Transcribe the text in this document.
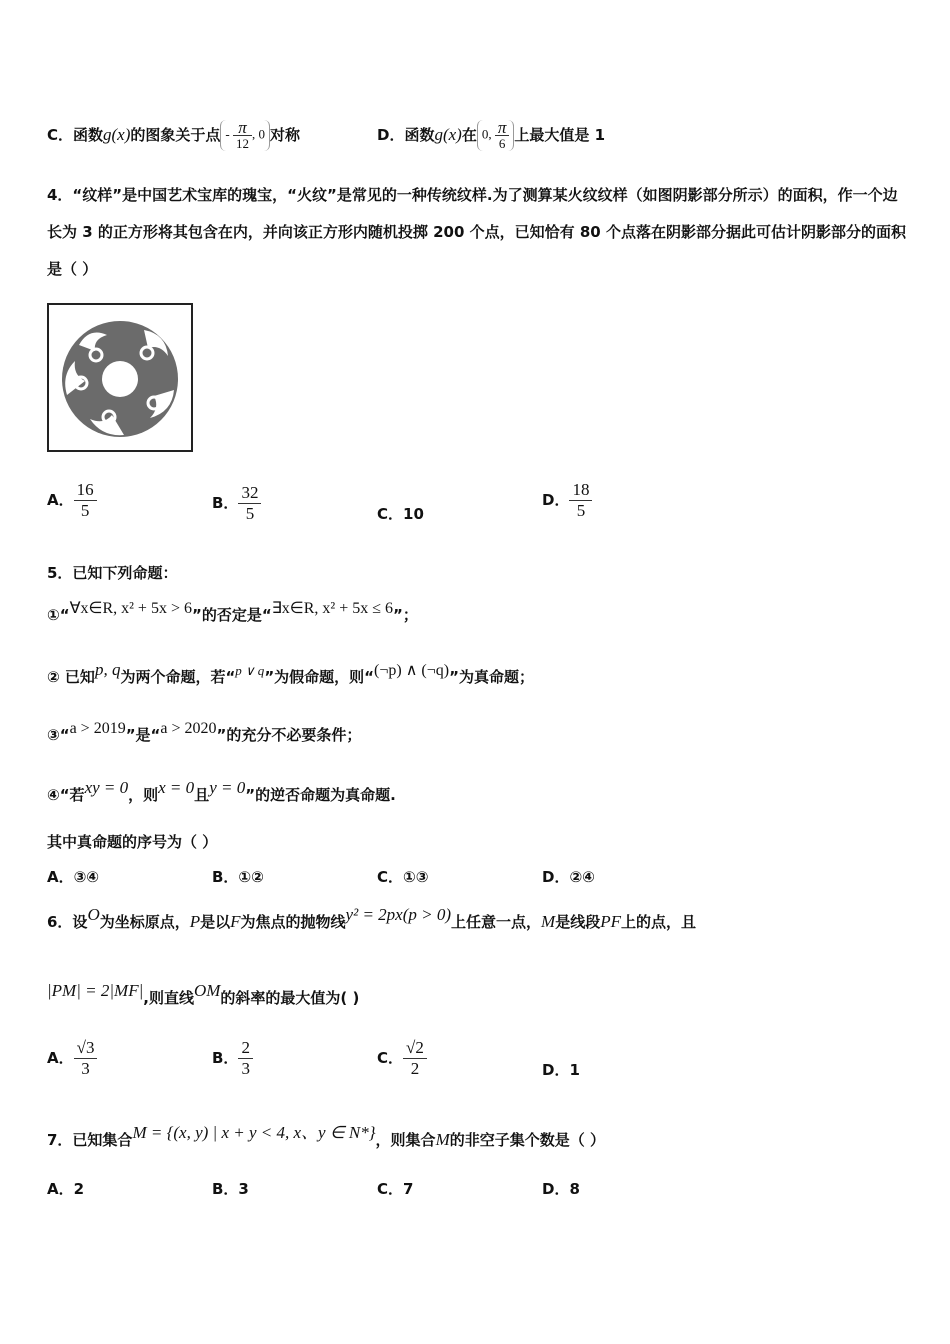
C．函数g(x)的图象关于点 - $\frac{\pi}{12}$ , 0 对称	D．函数g(x)在 0, $\frac{\pi}{6}$ 上最大值是 1
4．“纹样”是中国艺术宝库的瑰宝，“火纹”是常见的一种传统纹样.为了测算某火纹纹样（如图阴影部分所示）的面积，作一个边长为 3 的正方形将其包含在内，并向该正方形内随机投掷 200 个点，已知恰有 80 个点落在阴影部分据此可估计阴影部分的面积是（ ）
A． $\frac{16}{5}$	B． $\frac{32}{5}$	C．10
D． $\frac{18}{5}$
5．已知下列命题：
①“∀x∈R, x² + 5x > 6”的否定是“∃x∈R, x² + 5x ≤ 6”；
② 已知p, q为两个命题，若“p ∨ q”为假命题，则“(¬p) ∧ (¬q)”为真命题；
③“a > 2019”是“a > 2020”的充分不必要条件；
④“若xy = 0，则x = 0且y = 0”的逆否命题为真命题.
其中真命题的序号为（ ）
A．③④	B．①②	C．①③	D．②④
6．设O为坐标原点，P是以F为焦点的抛物线y² = 2px(p > 0)上任意一点，M是线段PF上的点，且
|PM| = 2|MF|,则直线OM的斜率的最大值为( )
A． $\frac{√3}{3}$	B． $\frac{2}{3}$	C． $\frac{√2}{2}$	D．1
7．已知集合M = {(x, y) | x + y < 4, x、y ∈ N*}，则集合M的非空子集个数是（ ）
A．2	B．3	C．7	D．8
